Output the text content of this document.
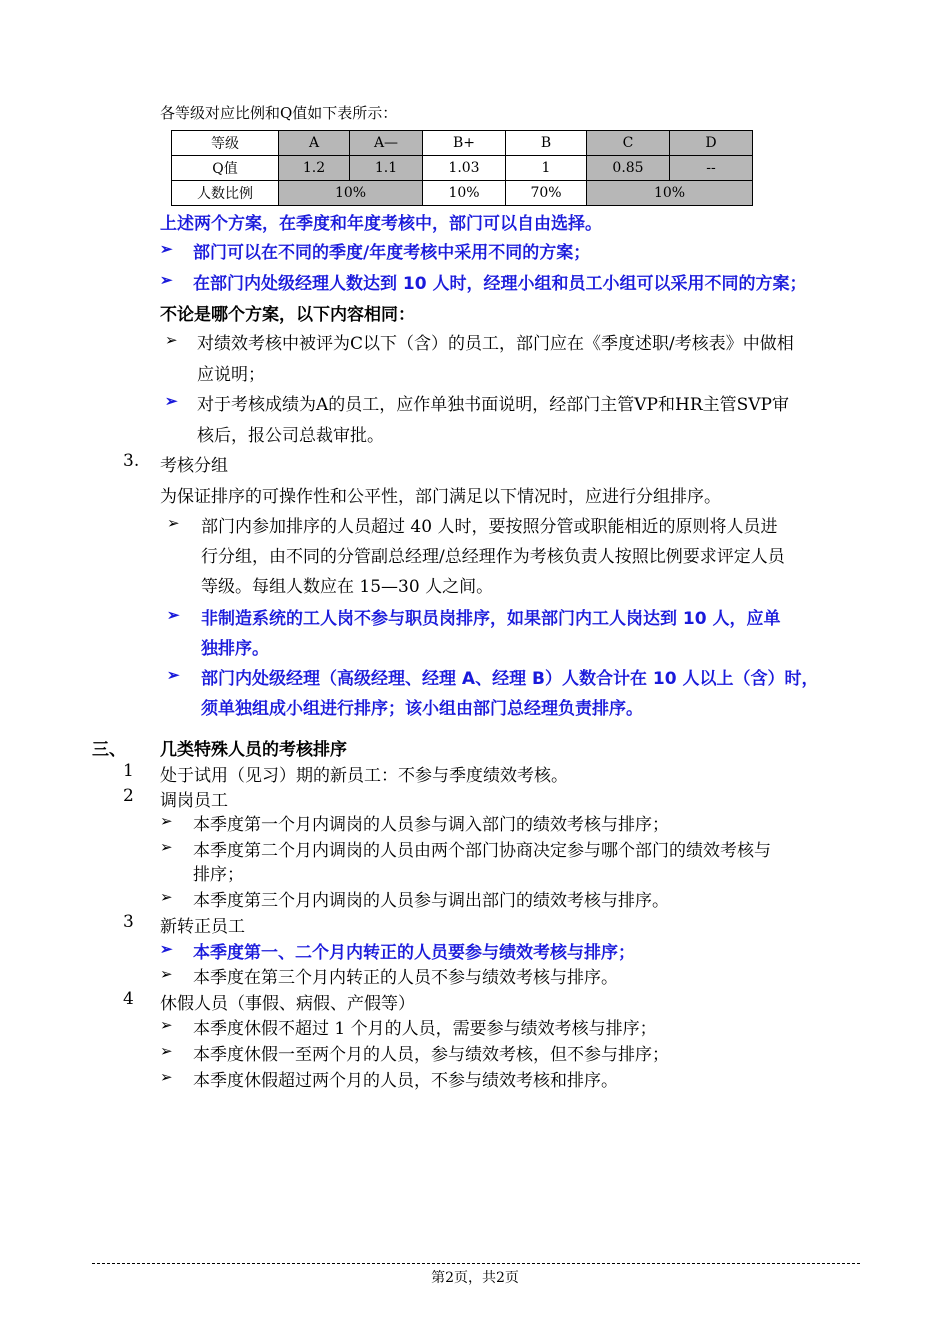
各等级对应比例和Q值如下表所示：
等级	A	A—	B+	B	C	D
Q值	1.2	1.1	1.03	1	0.85	--
人数比例	10%		10%	70%	10%	
上述两个方案，在季度和年度考核中，部门可以自由选择。
➢ 部门可以在不同的季度/年度考核中采用不同的方案；
➢ 在部门内处级经理人数达到 10 人时，经理小组和员工小组可以采用不同的方案；
不论是哪个方案，以下内容相同：
➢ 对绩效考核中被评为C以下（含）的员工，部门应在《季度述职/考核表》中做相
应说明；
➢ 对于考核成绩为A的员工，应作单独书面说明，经部门主管VP和HR主管SVP审
核后，报公司总裁审批。
3. 考核分组
为保证排序的可操作性和公平性，部门满足以下情况时，应进行分组排序。
➢ 部门内参加排序的人员超过 40 人时，要按照分管或职能相近的原则将人员进
行分组，由不同的分管副总经理/总经理作为考核负责人按照比例要求评定人员
等级。每组人数应在 15—30 人之间。
➢ 非制造系统的工人岗不参与职员岗排序，如果部门内工人岗达到 10 人，应单
独排序。
➢ 部门内处级经理（高级经理、经理 A、经理 B）人数合计在 10 人以上（含）时，
须单独组成小组进行排序；该小组由部门总经理负责排序。
三、 几类特殊人员的考核排序
1 处于试用（见习）期的新员工：不参与季度绩效考核。
2 调岗员工
➢ 本季度第一个月内调岗的人员参与调入部门的绩效考核与排序；
➢ 本季度第二个月内调岗的人员由两个部门协商决定参与哪个部门的绩效考核与
排序；
➢ 本季度第三个月内调岗的人员参与调出部门的绩效考核与排序。
3 新转正员工
➢ 本季度第一、二个月内转正的人员要参与绩效考核与排序；
➢ 本季度在第三个月内转正的人员不参与绩效考核与排序。
4 休假人员（事假、病假、产假等）
➢ 本季度休假不超过 1 个月的人员，需要参与绩效考核与排序；
➢ 本季度休假一至两个月的人员，参与绩效考核，但不参与排序；
➢ 本季度休假超过两个月的人员，不参与绩效考核和排序。
第2页，共2页
